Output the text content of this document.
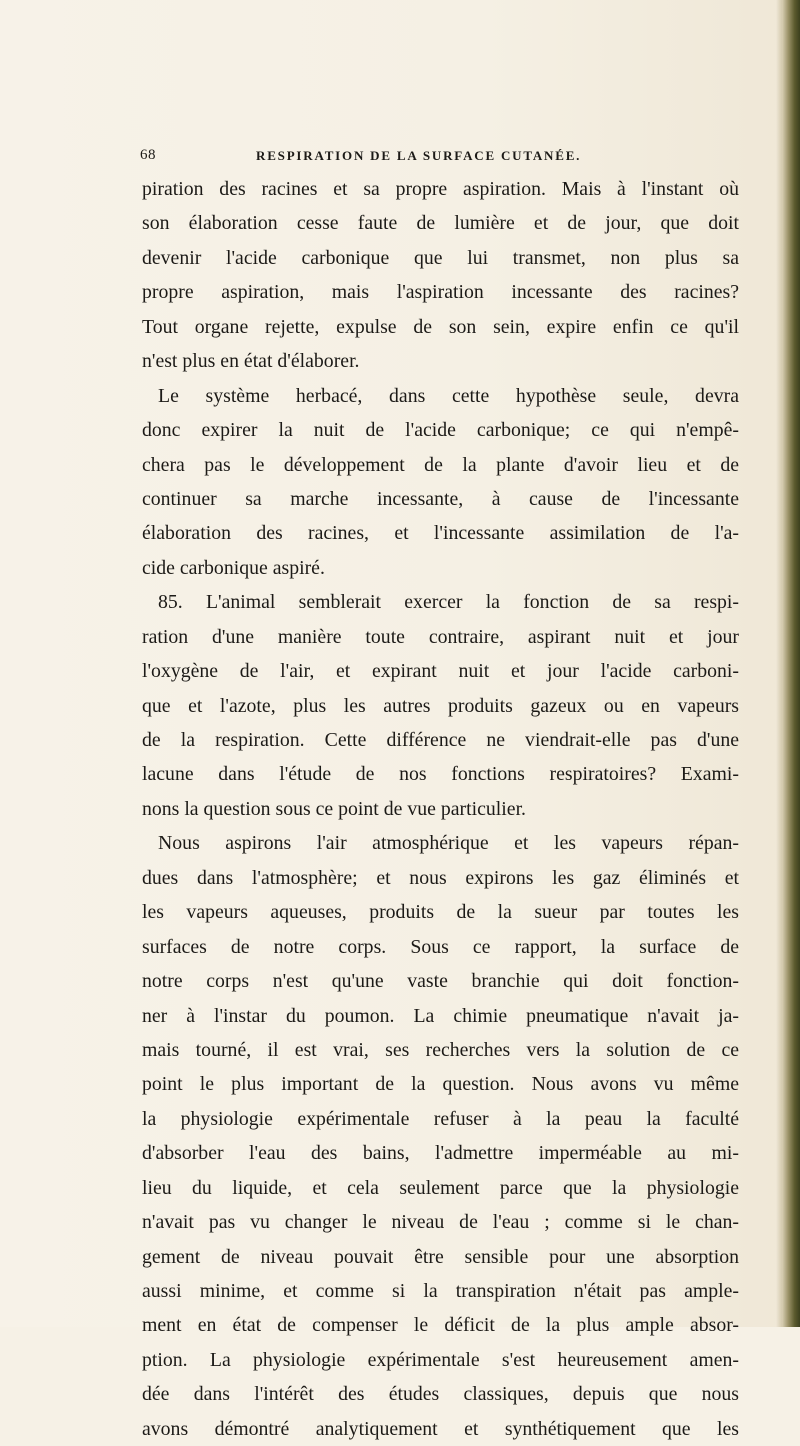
68	RESPIRATION DE LA SURFACE CUTANÉE.
piration des racines et sa propre aspiration. Mais à l'instant où
son élaboration cesse faute de lumière et de jour, que doit
devenir l'acide carbonique que lui transmet, non plus sa
propre aspiration, mais l'aspiration incessante des racines?
Tout organe rejette, expulse de son sein, expire enfin ce qu'il
n'est plus en état d'élaborer.
Le système herbacé, dans cette hypothèse seule, devra
donc expirer la nuit de l'acide carbonique; ce qui n'empê-
chera pas le développement de la plante d'avoir lieu et de
continuer sa marche incessante, à cause de l'incessante
élaboration des racines, et l'incessante assimilation de l'a-
cide carbonique aspiré.
85. L'animal semblerait exercer la fonction de sa respi-
ration d'une manière toute contraire, aspirant nuit et jour
l'oxygène de l'air, et expirant nuit et jour l'acide carboni-
que et l'azote, plus les autres produits gazeux ou en vapeurs
de la respiration. Cette différence ne viendrait-elle pas d'une
lacune dans l'étude de nos fonctions respiratoires? Exami-
nons la question sous ce point de vue particulier.
Nous aspirons l'air atmosphérique et les vapeurs répan-
dues dans l'atmosphère; et nous expirons les gaz éliminés et
les vapeurs aqueuses, produits de la sueur par toutes les
surfaces de notre corps. Sous ce rapport, la surface de
notre corps n'est qu'une vaste branchie qui doit fonction-
ner à l'instar du poumon. La chimie pneumatique n'avait ja-
mais tourné, il est vrai, ses recherches vers la solution de ce
point le plus important de la question. Nous avons vu même
la physiologie expérimentale refuser à la peau la faculté
d'absorber l'eau des bains, l'admettre imperméable au mi-
lieu du liquide, et cela seulement parce que la physiologie
n'avait pas vu changer le niveau de l'eau ; comme si le chan-
gement de niveau pouvait être sensible pour une absorption
aussi minime, et comme si la transpiration n'était pas ample-
ment en état de compenser le déficit de la plus ample absor-
ption. La physiologie expérimentale s'est heureusement amen-
dée dans l'intérêt des études classiques, depuis que nous
avons démontré analytiquement et synthétiquement que les
